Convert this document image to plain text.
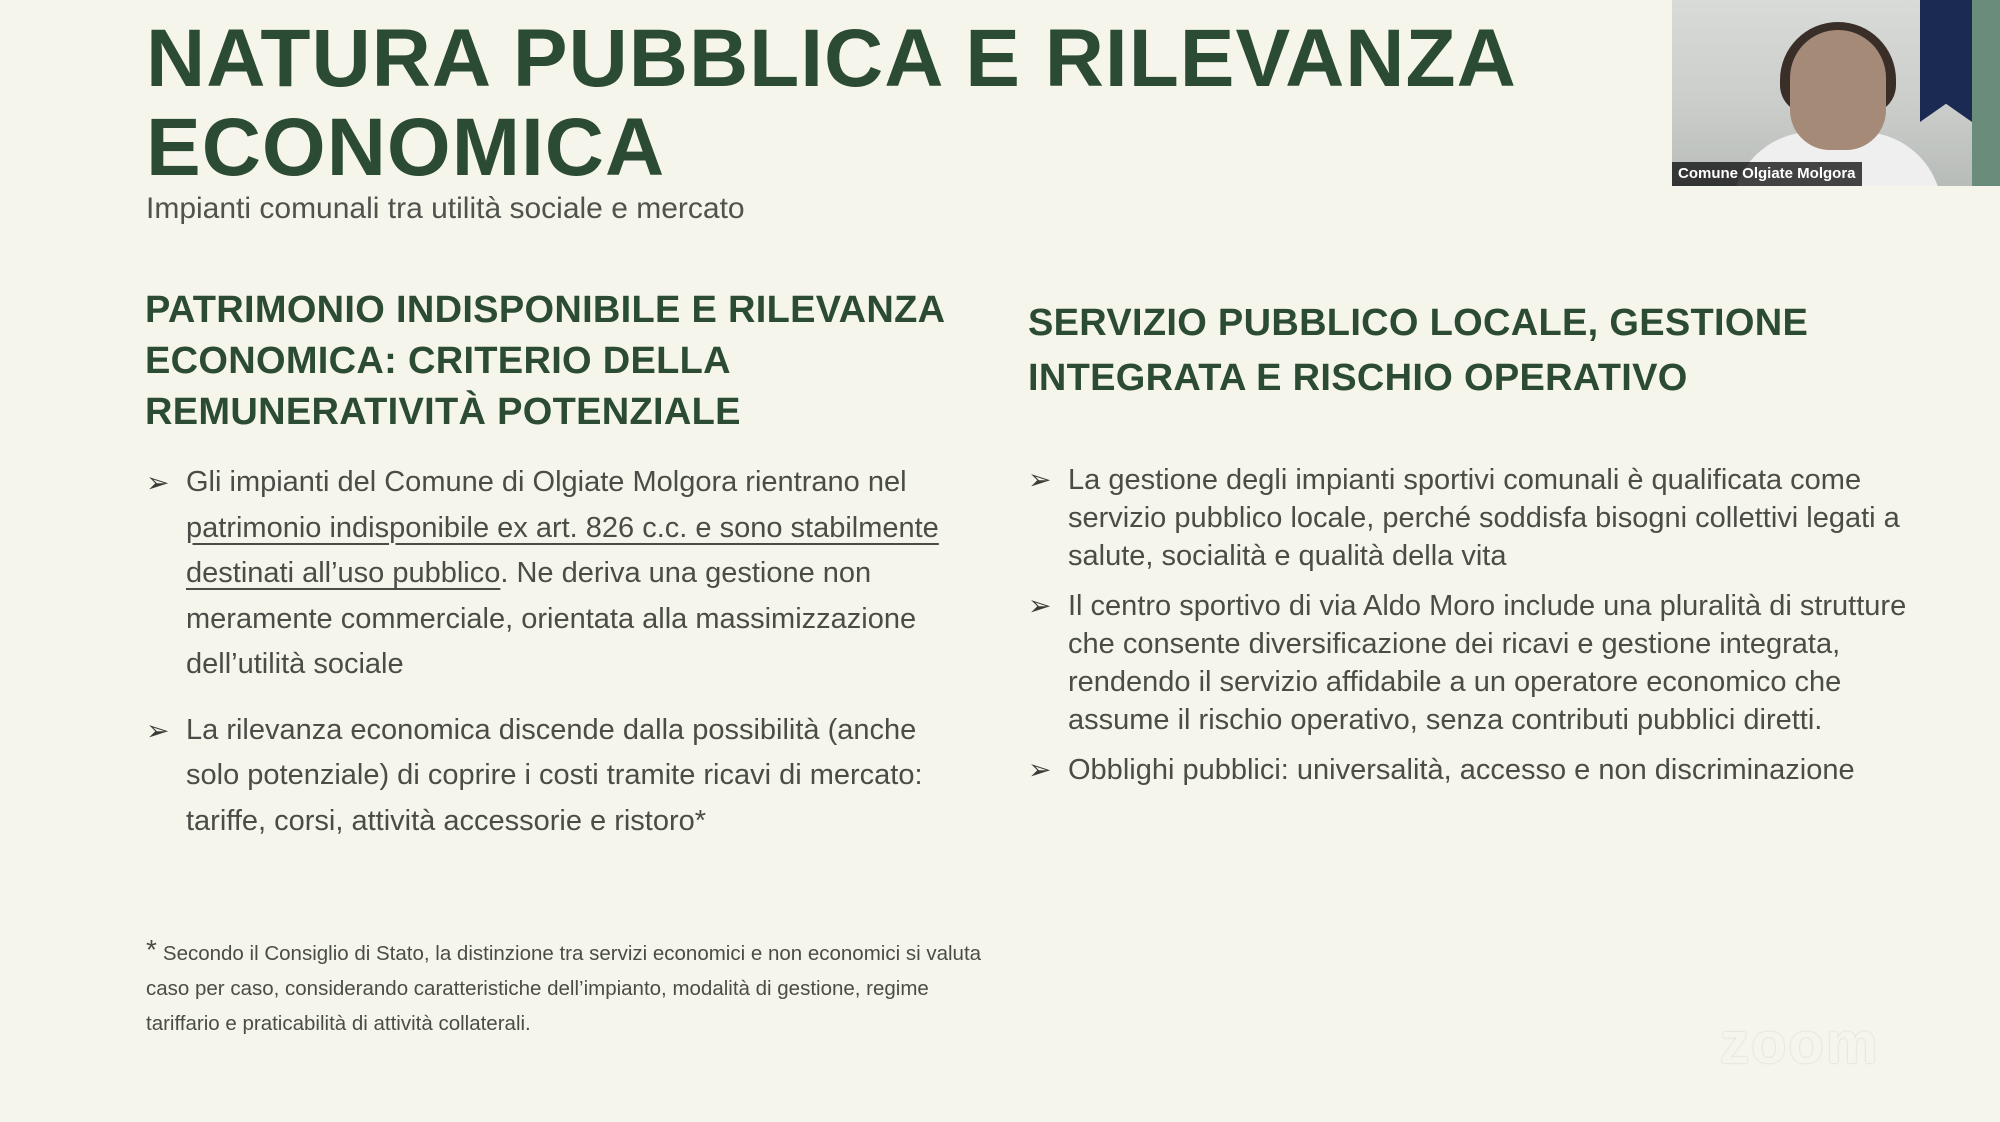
NATURA PUBBLICA E RILEVANZA ECONOMICA

Impianti comunali tra utilità sociale e mercato

PATRIMONIO INDISPONIBILE E RILEVANZA ECONOMICA: CRITERIO DELLA REMUNERATIVITÀ POTENZIALE
➢ Gli impianti del Comune di Olgiate Molgora rientrano nel patrimonio indisponibile ex art. 826 c.c. e sono stabilmente destinati all’uso pubblico. Ne deriva una gestione non meramente commerciale, orientata alla massimizzazione dell’utilità sociale
➢ La rilevanza economica discende dalla possibilità (anche solo potenziale) di coprire i costi tramite ricavi di mercato: tariffe, corsi, attività accessorie e ristoro*
SERVIZIO PUBBLICO LOCALE, GESTIONE INTEGRATA E RISCHIO OPERATIVO
➢ La gestione degli impianti sportivi comunali è qualificata come servizio pubblico locale, perché soddisfa bisogni collettivi legati a salute, socialità e qualità della vita
➢ Il centro sportivo di via Aldo Moro include una pluralità di strutture che consente diversificazione dei ricavi e gestione integrata, rendendo il servizio affidabile a un operatore economico che assume il rischio operativo, senza contributi pubblici diretti.
➢ Obblighi pubblici: universalità, accesso e non discriminazione

* Secondo il Consiglio di Stato, la distinzione tra servizi economici e non economici si valuta caso per caso, considerando caratteristiche dell’impianto, modalità di gestione, regime tariffario e praticabilità di attività collaterali.	zoom
Comune Olgiate Molgora
